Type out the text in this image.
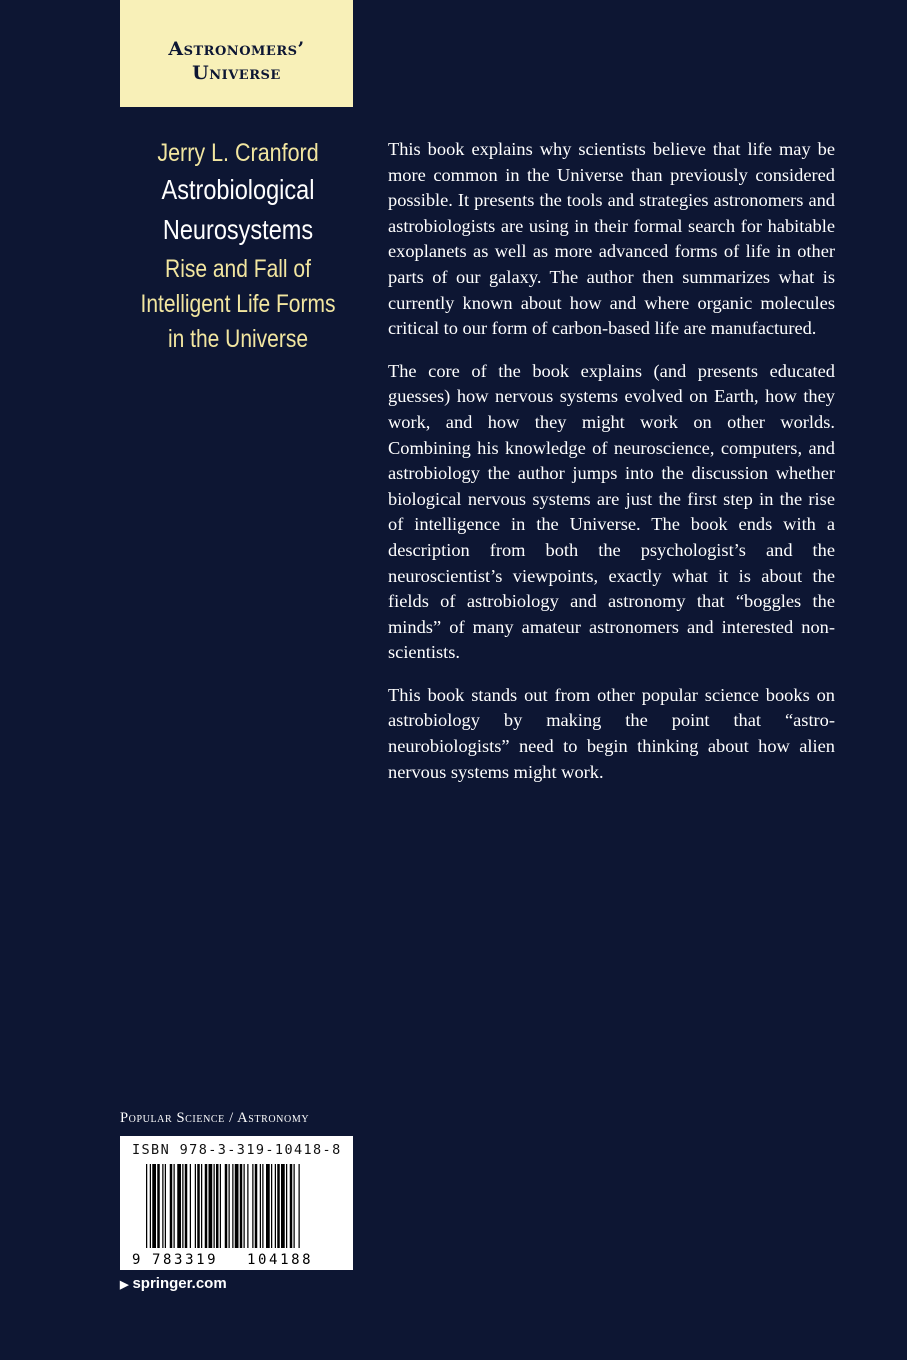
Astronomers’
Universe
Jerry L. Cranford
Astrobiological
Neurosystems
Rise and Fall of
Intelligent Life Forms
in the Universe

This book explains why scientists believe that life may be more common in the Universe than previously considered possible. It presents the tools and strategies astronomers and astrobiologists are using in their formal search for habitable exoplanets as well as more advanced forms of life in other parts of our galaxy. The author then summarizes what is currently known about how and where organic molecules critical to our form of carbon-based life are manufactured.

The core of the book explains (and presents educated guesses) how nervous systems evolved on Earth, how they work, and how they might work on other worlds. Combining his knowledge of neuroscience, computers, and astrobiology the author jumps into the discussion whether biological nervous systems are just the first step in the rise of intelligence in the Universe. The book ends with a description from both the psychologist’s and the neuroscientist’s viewpoints, exactly what it is about the fields of astrobiology and astronomy that “boggles the minds” of many amateur astronomers and interested non-scientists.

This book stands out from other popular science books on astrobiology by making the point that “astro-neurobiologists” need to begin thinking about how alien nervous systems might work.

Popular Science / Astronomy
ISBN 978-3-319-10418-8
9 783319 104188
▶ springer.com
